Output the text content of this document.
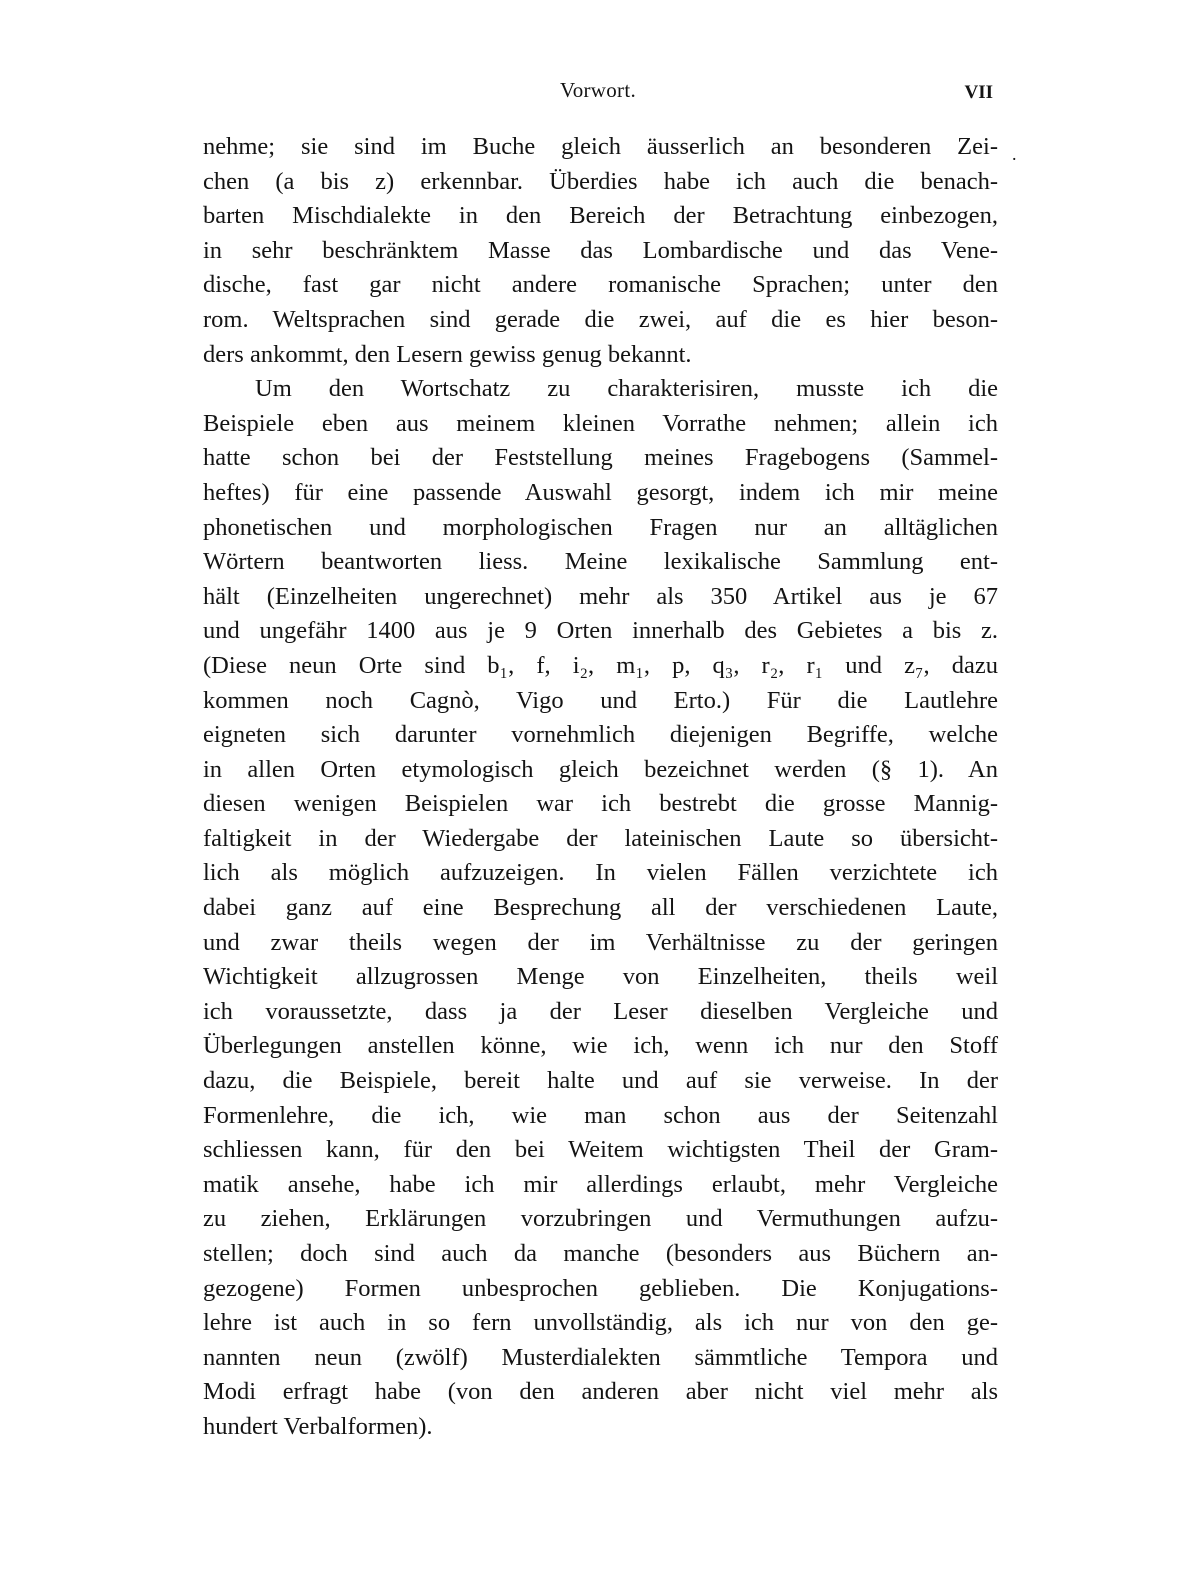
Vorwort.	VII
.
nehme; sie sind im Buche gleich äusserlich an besonderen Zei-
chen (a bis z) erkennbar. Überdies habe ich auch die benach-
barten Mischdialekte in den Bereich der Betrachtung einbezogen,
in sehr beschränktem Masse das Lombardische und das Vene-
dische, fast gar nicht andere romanische Sprachen; unter den
rom. Weltsprachen sind gerade die zwei, auf die es hier beson-
ders ankommt, den Lesern gewiss genug bekannt.
Um den Wortschatz zu charakterisiren, musste ich die
Beispiele eben aus meinem kleinen Vorrathe nehmen; allein ich
hatte schon bei der Feststellung meines Fragebogens (Sammel-
heftes) für eine passende Auswahl gesorgt, indem ich mir meine
phonetischen und morphologischen Fragen nur an alltäglichen
Wörtern beantworten liess. Meine lexikalische Sammlung ent-
hält (Einzelheiten ungerechnet) mehr als 350 Artikel aus je 67
und ungefähr 1400 aus je 9 Orten innerhalb des Gebietes a bis z.
(Diese neun Orte sind b₁, f, i₂, m₁, p, q₃, r₂, r₁ und z₇, dazu
kommen noch Cagnò, Vigo und Erto.) Für die Lautlehre
eigneten sich darunter vornehmlich diejenigen Begriffe, welche
in allen Orten etymologisch gleich bezeichnet werden (§ 1). An
diesen wenigen Beispielen war ich bestrebt die grosse Mannig-
faltigkeit in der Wiedergabe der lateinischen Laute so übersicht-
lich als möglich aufzuzeigen. In vielen Fällen verzichtete ich
dabei ganz auf eine Besprechung all der verschiedenen Laute,
und zwar theils wegen der im Verhältnisse zu der geringen
Wichtigkeit allzugrossen Menge von Einzelheiten, theils weil
ich voraussetzte, dass ja der Leser dieselben Vergleiche und
Überlegungen anstellen könne, wie ich, wenn ich nur den Stoff
dazu, die Beispiele, bereit halte und auf sie verweise. In der
Formenlehre, die ich, wie man schon aus der Seitenzahl
schliessen kann, für den bei Weitem wichtigsten Theil der Gram-
matik ansehe, habe ich mir allerdings erlaubt, mehr Vergleiche
zu ziehen, Erklärungen vorzubringen und Vermuthungen aufzu-
stellen; doch sind auch da manche (besonders aus Büchern an-
gezogene) Formen unbesprochen geblieben. Die Konjugations-
lehre ist auch in so fern unvollständig, als ich nur von den ge-
nannten neun (zwölf) Musterdialekten sämmtliche Tempora und
Modi erfragt habe (von den anderen aber nicht viel mehr als
hundert Verbalformen).
